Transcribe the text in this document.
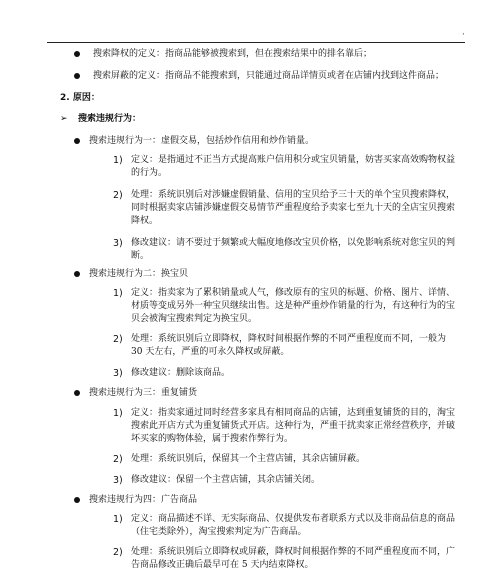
·
搜索降权的定义：指商品能够被搜索到，但在搜索结果中的排名靠后；
搜索屏蔽的定义：指商品不能搜索到，只能通过商品详情页或者在店铺内找到这件商品；
2. 原因：
➢ 搜索违规行为：
搜索违规行为一：虚假交易，包括炒作信用和炒作销量。
1) 定义：是指通过不正当方式提高账户信用积分或宝贝销量，妨害买家高效购物权益
的行为。
2) 处理：系统识别后对涉嫌虚假销量、信用的宝贝给予三十天的单个宝贝搜索降权，
同时根据卖家店铺涉嫌虚假交易情节严重程度给予卖家七至九十天的全店宝贝搜索
降权。
3) 修改建议：请不要过于频繁或大幅度地修改宝贝价格，以免影响系统对您宝贝的判
断。
搜索违规行为二：换宝贝
1) 定义：指卖家为了累积销量或人气，修改原有的宝贝的标题、价格、图片、详情、
材质等变成另外一种宝贝继续出售。这是种严重炒作销量的行为，有这种行为的宝
贝会被淘宝搜索判定为换宝贝。
2) 处理：系统识别后立即降权，降权时间根据作弊的不同严重程度而不同，一般为
30 天左右，严重的可永久降权或屏蔽。
3) 修改建议：删除该商品。
搜索违规行为三：重复铺货
1) 定义：指卖家通过同时经营多家具有相同商品的店铺，达到重复铺货的目的，淘宝
搜索此开店方式为重复铺货式开店。这种行为，严重干扰卖家正常经营秩序，并破
坏买家的购物体验，属于搜索作弊行为。
2) 处理：系统识别后，保留其一个主营店铺，其余店铺屏蔽。
3) 修改建议：保留一个主营店铺，其余店铺关闭。
搜索违规行为四：广告商品
1) 定义：商品描述不详、无实际商品、仅提供发布者联系方式以及非商品信息的商品
（住宅类除外），淘宝搜索判定为广告商品。
2) 处理：系统识别后立即降权或屏蔽，降权时间根据作弊的不同严重程度而不同，广
告商品修改正确后最早可在 5 天内结束降权。
